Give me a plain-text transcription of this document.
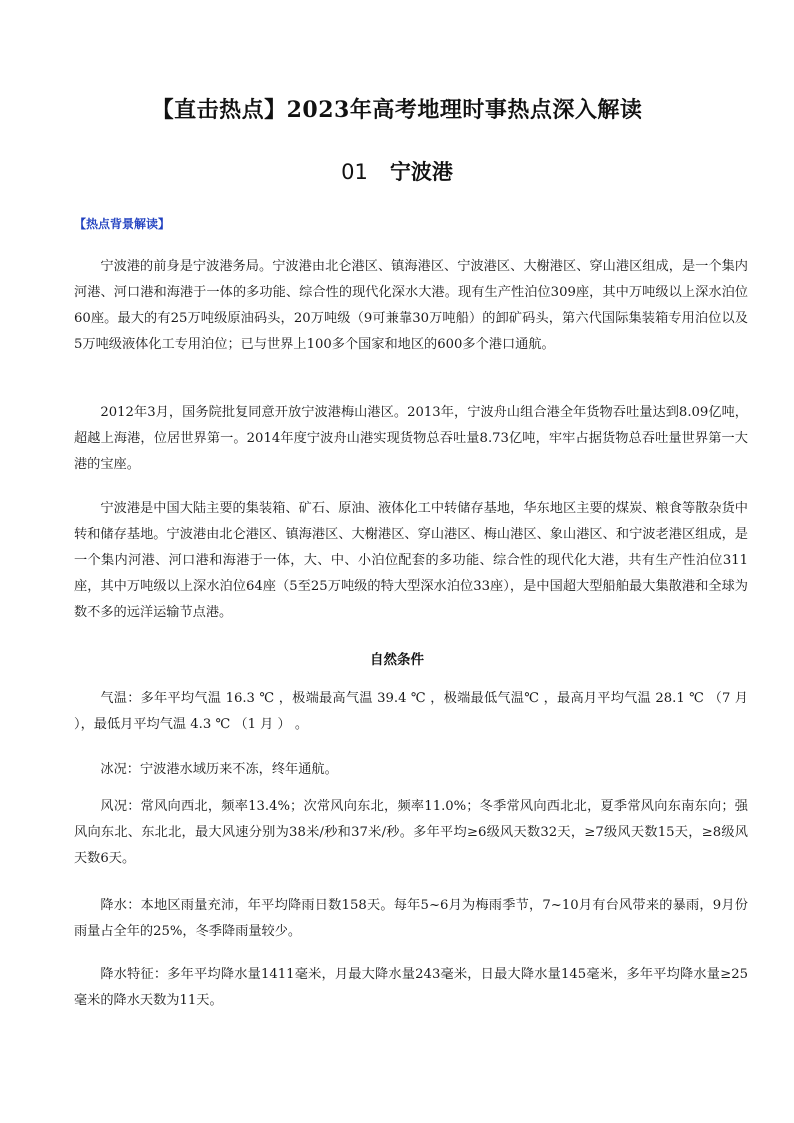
【直击热点】2023年高考地理时事热点深入解读
01 宁波港
【热点背景解读】

宁波港的前身是宁波港务局。宁波港由北仑港区、镇海港区、宁波港区、大榭港区、穿山港区组成，是一个集内河港、河口港和海港于一体的多功能、综合性的现代化深水大港。现有生产性泊位309座，其中万吨级以上深水泊位60座。最大的有25万吨级原油码头，20万吨级（9可兼靠30万吨船）的卸矿码头，第六代国际集装箱专用泊位以及5万吨级液体化工专用泊位；已与世界上100多个国家和地区的600多个港口通航。

2012年3月，国务院批复同意开放宁波港梅山港区。2013年，宁波舟山组合港全年货物吞吐量达到8.09亿吨，超越上海港，位居世界第一。2014年度宁波舟山港实现货物总吞吐量8.73亿吨，牢牢占据货物总吞吐量世界第一大港的宝座。

宁波港是中国大陆主要的集装箱、矿石、原油、液体化工中转储存基地，华东地区主要的煤炭、粮食等散杂货中转和储存基地。宁波港由北仑港区、镇海港区、大榭港区、穿山港区、梅山港区、象山港区、和宁波老港区组成，是一个集内河港、河口港和海港于一体，大、中、小泊位配套的多功能、综合性的现代化大港，共有生产性泊位311座，其中万吨级以上深水泊位64座（5至25万吨级的特大型深水泊位33座），是中国超大型船舶最大集散港和全球为数不多的远洋运输节点港。

自然条件

气温：多年平均气温 16.3 ℃ ，极端最高气温 39.4 ℃ ，极端最低气温℃ ，最高月平均气温 28.1 ℃ （7 月 ），最低月平均气温 4.3 ℃ （1 月 ） 。

冰况：宁波港水域历来不冻，终年通航。

风况：常风向西北，频率13.4%；次常风向东北，频率11.0%；冬季常风向西北北，夏季常风向东南东向；强风向东北、东北北，最大风速分别为38米/秒和37米/秒。多年平均≥6级风天数32天，≥7级风天数15天，≥8级风天数6天。

降水：本地区雨量充沛，年平均降雨日数158天。每年5~6月为梅雨季节，7~10月有台风带来的暴雨，9月份雨量占全年的25%，冬季降雨量较少。

降水特征：多年平均降水量1411毫米，月最大降水量243毫米，日最大降水量145毫米，多年平均降水量≥25毫米的降水天数为11天。
